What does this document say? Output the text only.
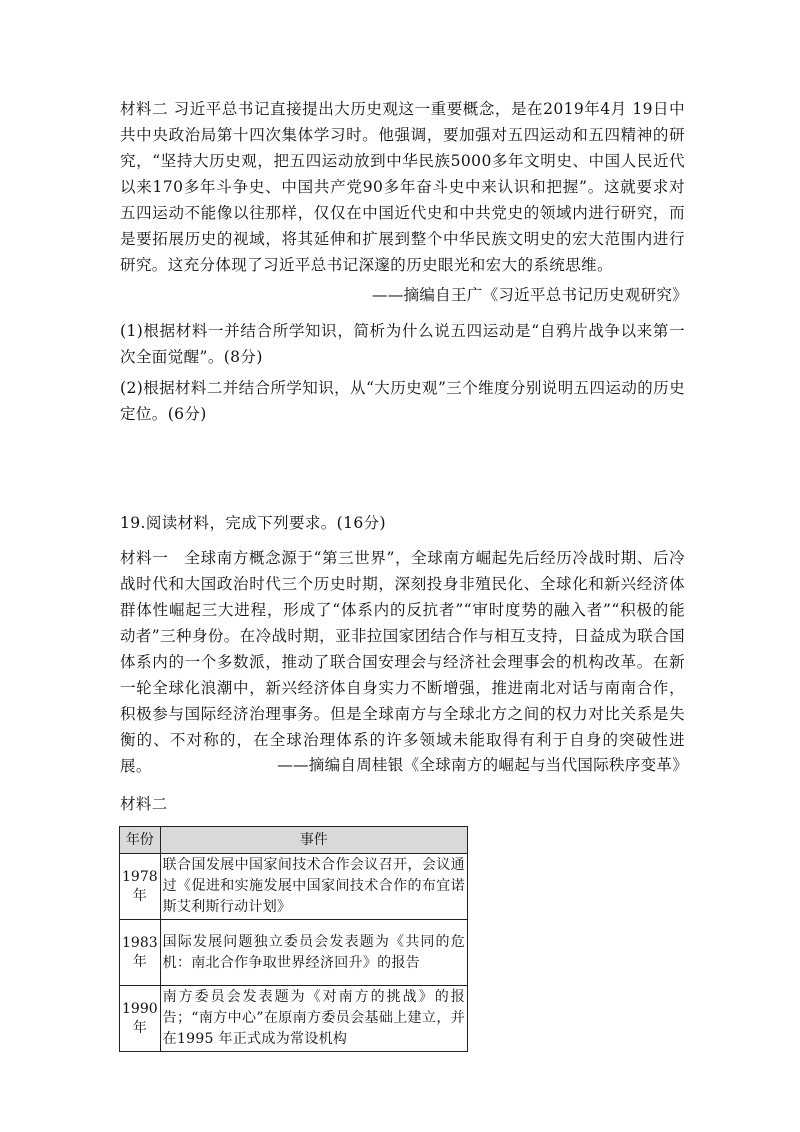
材料二 习近平总书记直接提出大历史观这一重要概念，是在2019年4月 19日中共中央政治局第十四次集体学习时。他强调，要加强对五四运动和五四精神的研究，“坚持大历史观，把五四运动放到中华民族5000多年文明史、中国人民近代以来170多年斗争史、中国共产党90多年奋斗史中来认识和把握”。这就要求对五四运动不能像以往那样，仅仅在中国近代史和中共党史的领域内进行研究，而是要拓展历史的视域，将其延伸和扩展到整个中华民族文明史的宏大范围内进行研究。这充分体现了习近平总书记深邃的历史眼光和宏大的系统思维。

——摘编自王广《习近平总书记历史观研究》

(1)根据材料一并结合所学知识，简析为什么说五四运动是“自鸦片战争以来第一次全面觉醒”。(8分)

(2)根据材料二并结合所学知识，从“大历史观”三个维度分别说明五四运动的历史定位。(6分)

19.阅读材料，完成下列要求。(16分)

材料一　全球南方概念源于“第三世界”，全球南方崛起先后经历冷战时期、后冷战时代和大国政治时代三个历史时期，深刻投身非殖民化、全球化和新兴经济体群体性崛起三大进程，形成了“体系内的反抗者”“审时度势的融入者”“积极的能动者”三种身份。在冷战时期，亚非拉国家团结合作与相互支持，日益成为联合国体系内的一个多数派，推动了联合国安理会与经济社会理事会的机构改革。在新一轮全球化浪潮中，新兴经济体自身实力不断增强，推进南北对话与南南合作，积极参与国际经济治理事务。但是全球南方与全球北方之间的权力对比关系是失衡的、不对称的，在全球治理体系的许多领域未能取得有利于自身的突破性进展。	——摘编自周桂银《全球南方的崛起与当代国际秩序变革》

材料二

年份	事件
1978年	联合国发展中国家间技术合作会议召开，会议通过《促进和实施发展中国家间技术合作的布宜诺斯艾利斯行动计划》
1983年	国际发展问题独立委员会发表题为《共同的危机：南北合作争取世界经济回升》的报告
1990年	南方委员会发表题为《对南方的挑战》的报告；“南方中心”在原南方委员会基础上建立，并在1995 年正式成为常设机构
